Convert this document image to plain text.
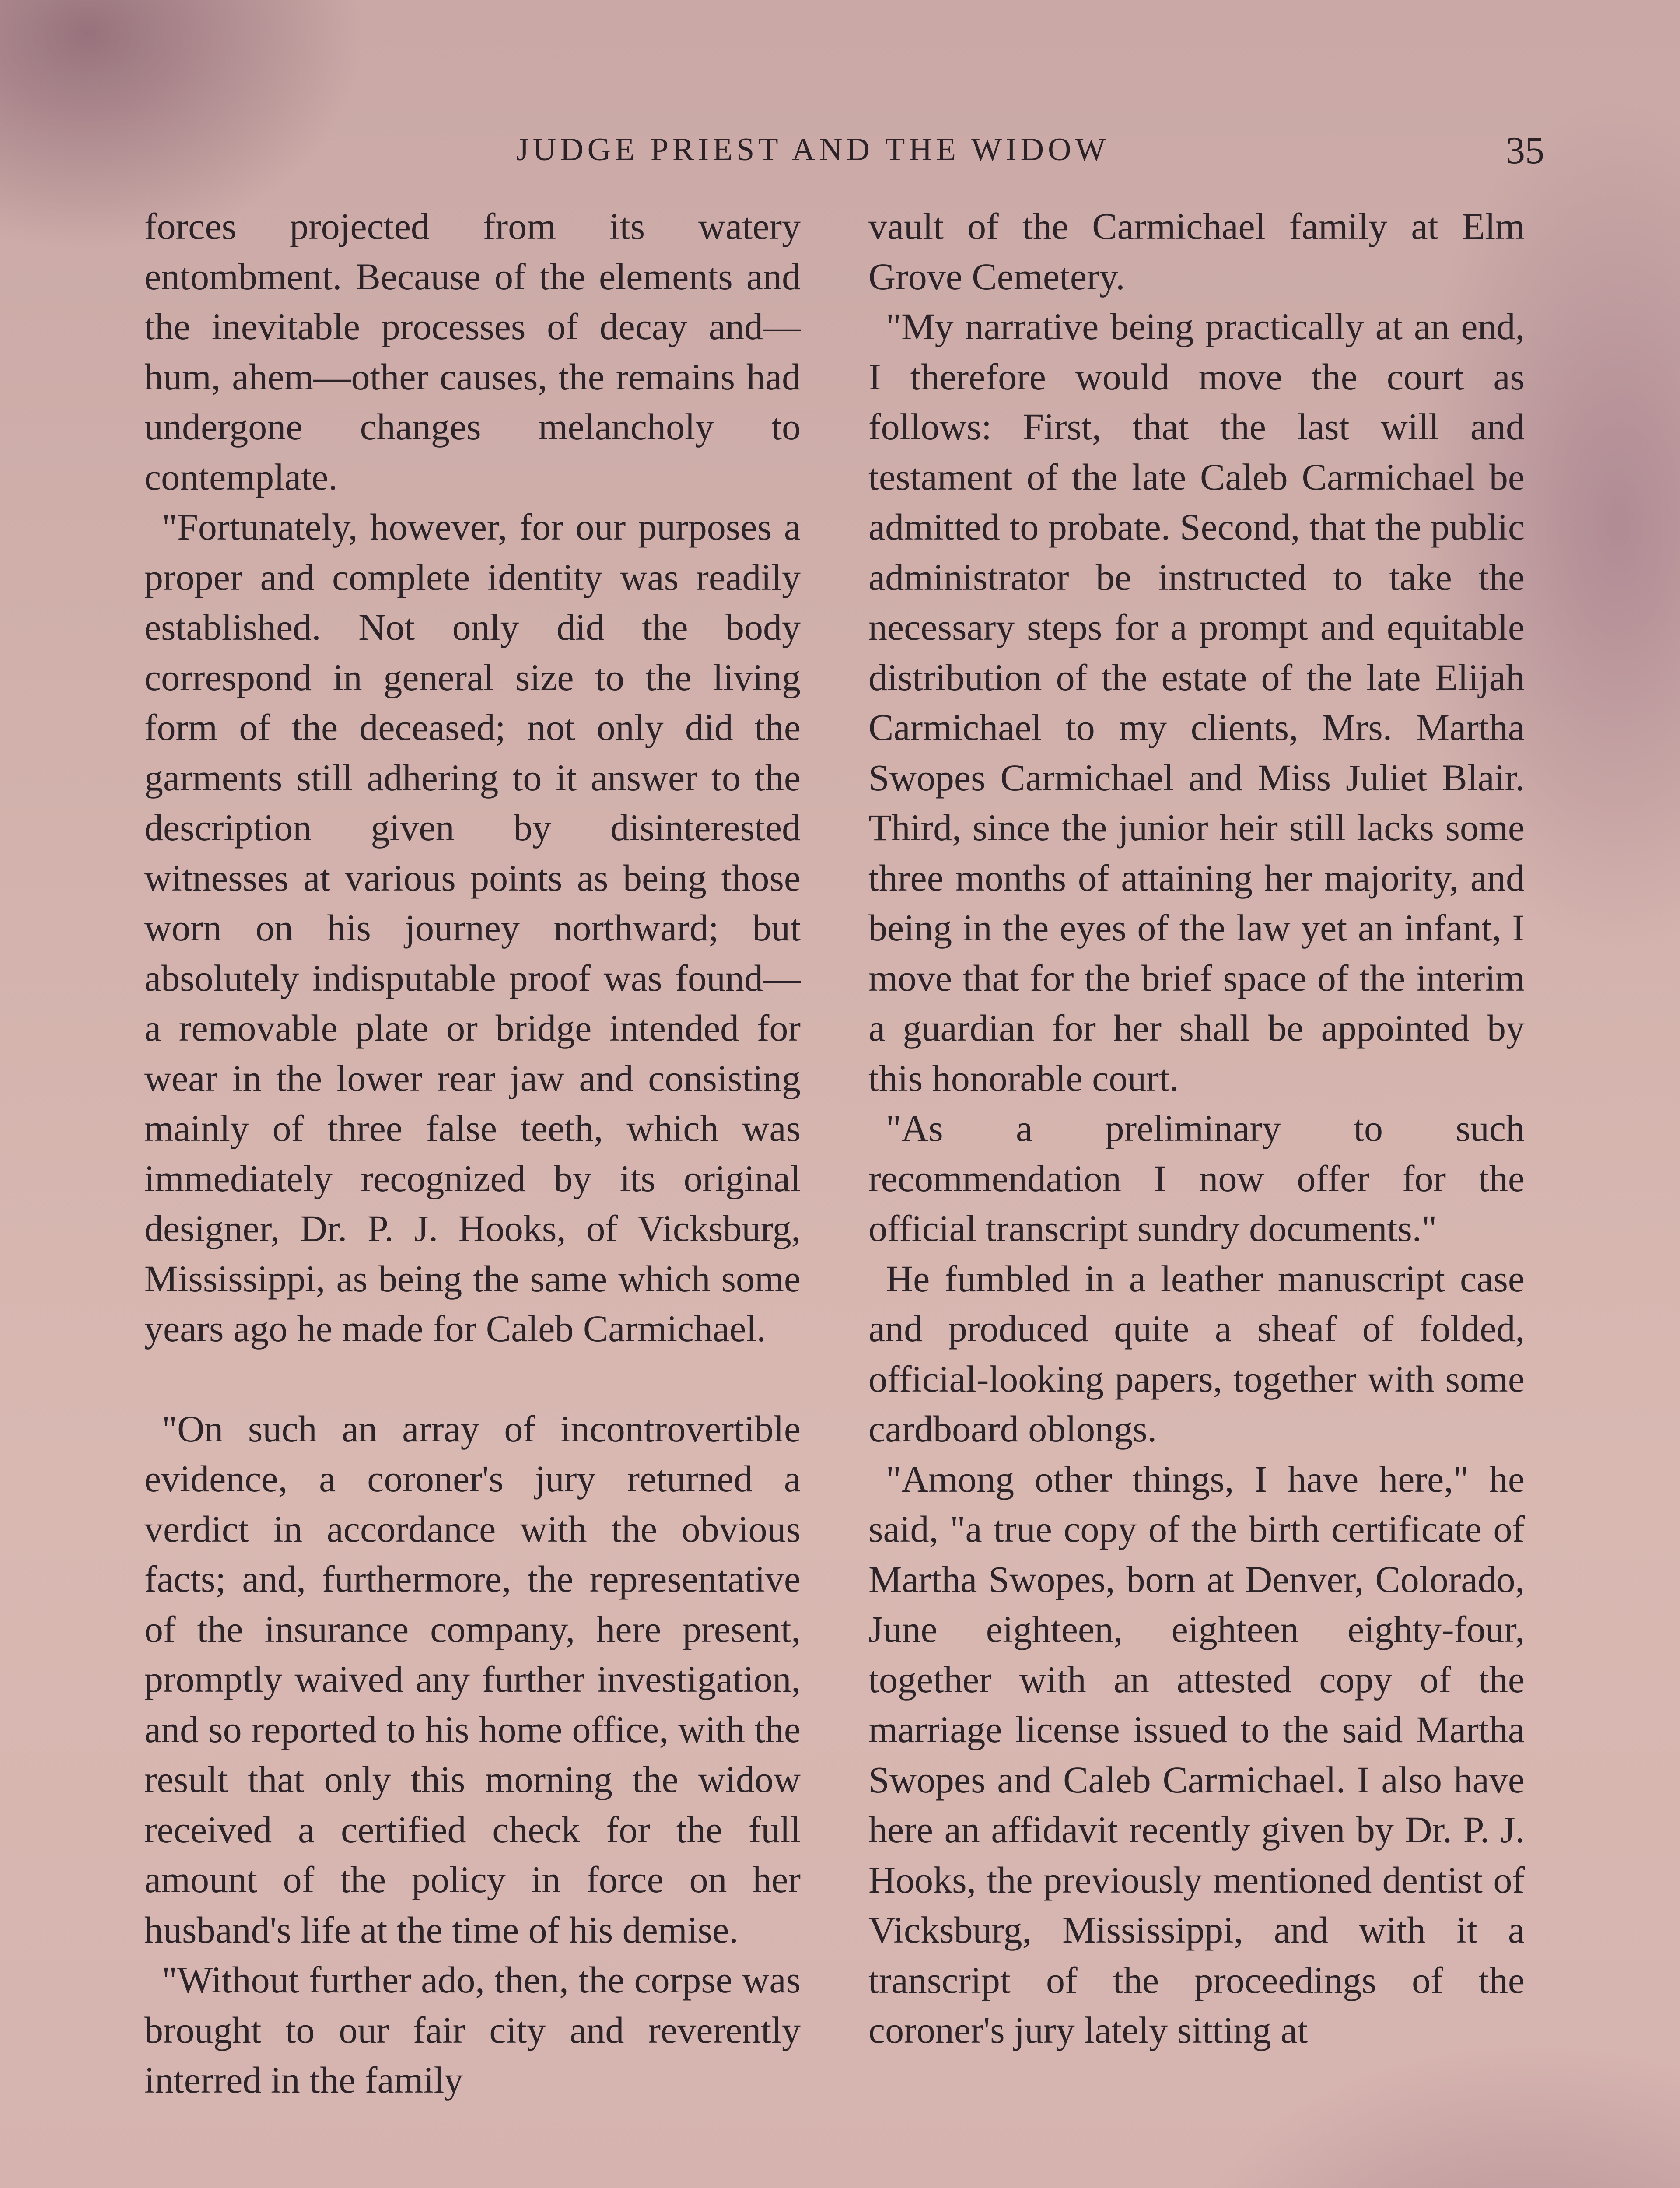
JUDGE PRIEST AND THE WIDOW	35

forces projected from its watery entombment. Because of the elements and the inevitable processes of decay and—hum, ahem—other causes, the remains had undergone changes melancholy to contemplate.

"Fortunately, however, for our purposes a proper and complete identity was readily established. Not only did the body correspond in general size to the living form of the deceased; not only did the garments still adhering to it answer to the description given by disinterested witnesses at various points as being those worn on his journey northward; but absolutely indisputable proof was found—a removable plate or bridge intended for wear in the lower rear jaw and consisting mainly of three false teeth, which was immediately recognized by its original designer, Dr. P. J. Hooks, of Vicksburg, Mississippi, as being the same which some years ago he made for Caleb Carmichael.

"On such an array of incontrovertible evidence, a coroner's jury returned a verdict in accordance with the obvious facts; and, furthermore, the representative of the insurance company, here present, promptly waived any further investigation, and so reported to his home office, with the result that only this morning the widow received a certified check for the full amount of the policy in force on her husband's life at the time of his demise.

"Without further ado, then, the corpse was brought to our fair city and reverently interred in the family

vault of the Carmichael family at Elm Grove Cemetery.

"My narrative being practically at an end, I therefore would move the court as follows: First, that the last will and testament of the late Caleb Carmichael be admitted to probate. Second, that the public administrator be instructed to take the necessary steps for a prompt and equitable distribution of the estate of the late Elijah Carmichael to my clients, Mrs. Martha Swopes Carmichael and Miss Juliet Blair. Third, since the junior heir still lacks some three months of attaining her majority, and being in the eyes of the law yet an infant, I move that for the brief space of the interim a guardian for her shall be appointed by this honorable court.

"As a preliminary to such recommendation I now offer for the official transcript sundry documents."

He fumbled in a leather manuscript case and produced quite a sheaf of folded, official-looking papers, together with some cardboard oblongs.

"Among other things, I have here," he said, "a true copy of the birth certificate of Martha Swopes, born at Denver, Colorado, June eighteen, eighteen eighty-four, together with an attested copy of the marriage license issued to the said Martha Swopes and Caleb Carmichael. I also have here an affidavit recently given by Dr. P. J. Hooks, the previously mentioned dentist of Vicksburg, Mississippi, and with it a transcript of the proceedings of the coroner's jury lately sitting at
